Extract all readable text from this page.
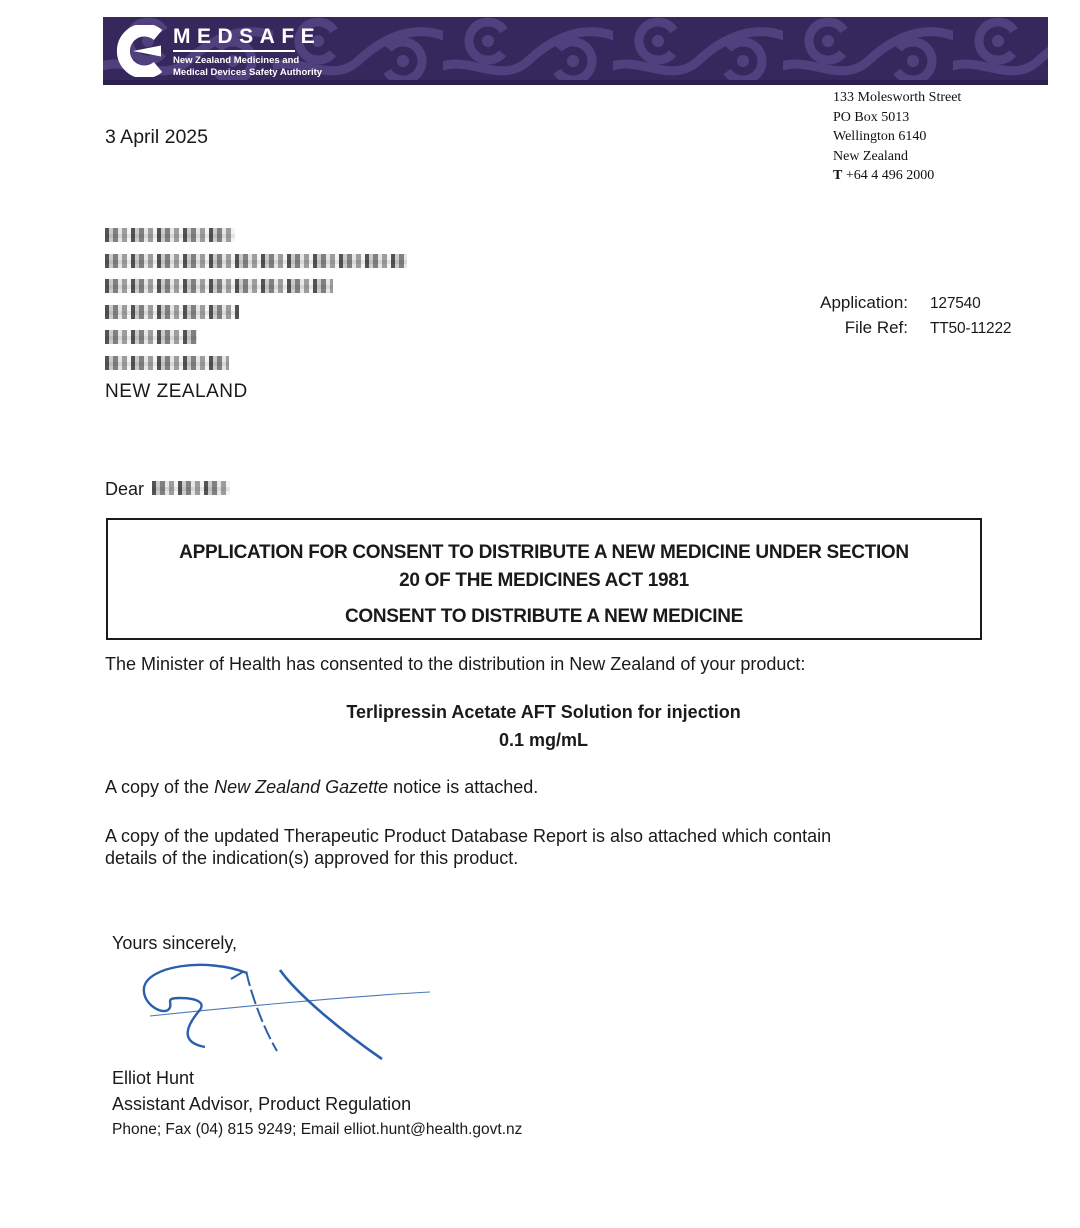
MEDSAFE
New Zealand Medicines and
Medical Devices Safety Authority
133 Molesworth Street
PO Box 5013
Wellington 6140
New Zealand
T +64 4 496 2000
3 April 2025
NEW ZEALAND
Application: 127540
File Ref: TT50-11222
Dear
APPLICATION FOR CONSENT TO DISTRIBUTE A NEW MEDICINE UNDER SECTION
20 OF THE MEDICINES ACT 1981
CONSENT TO DISTRIBUTE A NEW MEDICINE
The Minister of Health has consented to the distribution in New Zealand of your product:
Terlipressin Acetate AFT Solution for injection
0.1 mg/mL
A copy of the New Zealand Gazette notice is attached.
A copy of the updated Therapeutic Product Database Report is also attached which contain
details of the indication(s) approved for this product.
Yours sincerely,
Elliot Hunt
Assistant Advisor, Product Regulation
Phone; Fax (04) 815 9249; Email elliot.hunt@health.govt.nz
